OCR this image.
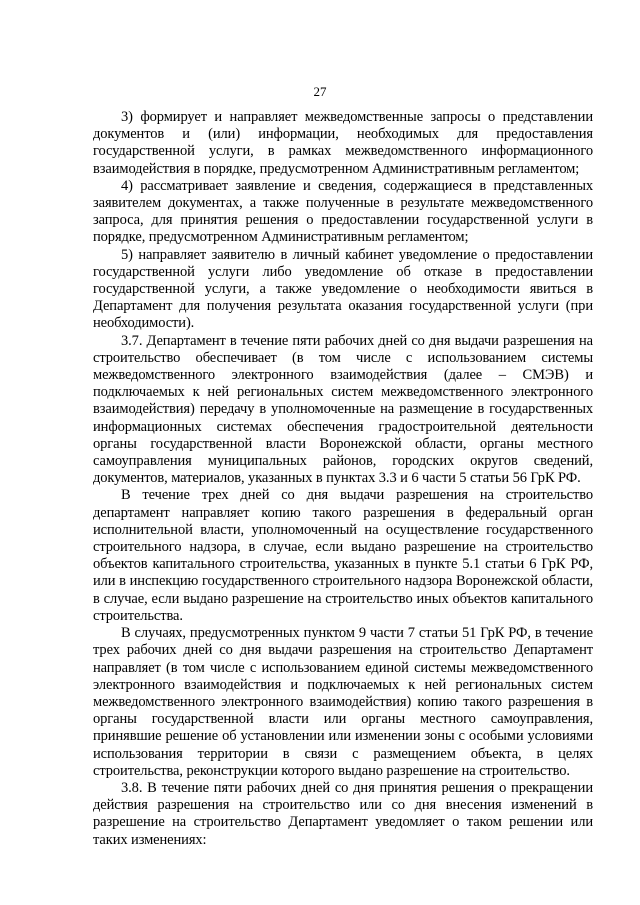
27

3) формирует и направляет межведомственные запросы о представлении документов и (или) информации, необходимых для предоставления государственной услуги, в рамках межведомственного информационного взаимодействия в порядке, предусмотренном Административным регламентом;

4) рассматривает заявление и сведения, содержащиеся в представленных заявителем документах, а также полученные в результате межведомственного запроса, для принятия решения о предоставлении государственной услуги в порядке, предусмотренном Административным регламентом;

5) направляет заявителю в личный кабинет уведомление о предоставлении государственной услуги либо уведомление об отказе в предоставлении государственной услуги, а также уведомление о необходимости явиться в Департамент для получения результата оказания государственной услуги (при необходимости).

3.7. Департамент в течение пяти рабочих дней со дня выдачи разрешения на строительство обеспечивает (в том числе с использованием системы межведомственного электронного взаимодействия (далее – СМЭВ) и подключаемых к ней региональных систем межведомственного электронного взаимодействия) передачу в уполномоченные на размещение в государственных информационных системах обеспечения градостроительной деятельности органы государственной власти Воронежской области, органы местного самоуправления муниципальных районов, городских округов сведений, документов, материалов, указанных в пунктах 3.3 и 6 части 5 статьи 56 ГрК РФ.

В течение трех дней со дня выдачи разрешения на строительство департамент направляет копию такого разрешения в федеральный орган исполнительной власти, уполномоченный на осуществление государственного строительного надзора, в случае, если выдано разрешение на строительство объектов капитального строительства, указанных в пункте 5.1 статьи 6 ГрК РФ, или в инспекцию государственного строительного надзора Воронежской области, в случае, если выдано разрешение на строительство иных объектов капитального строительства.

В случаях, предусмотренных пунктом 9 части 7 статьи 51 ГрК РФ, в течение трех рабочих дней со дня выдачи разрешения на строительство Департамент направляет (в том числе с использованием единой системы межведомственного электронного взаимодействия и подключаемых к ней региональных систем межведомственного электронного взаимодействия) копию такого разрешения в органы государственной власти или органы местного самоуправления, принявшие решение об установлении или изменении зоны с особыми условиями использования территории в связи с размещением объекта, в целях строительства, реконструкции которого выдано разрешение на строительство.

3.8. В течение пяти рабочих дней со дня принятия решения о прекращении действия разрешения на строительство или со дня внесения изменений в разрешение на строительство Департамент уведомляет о таком решении или таких изменениях:
